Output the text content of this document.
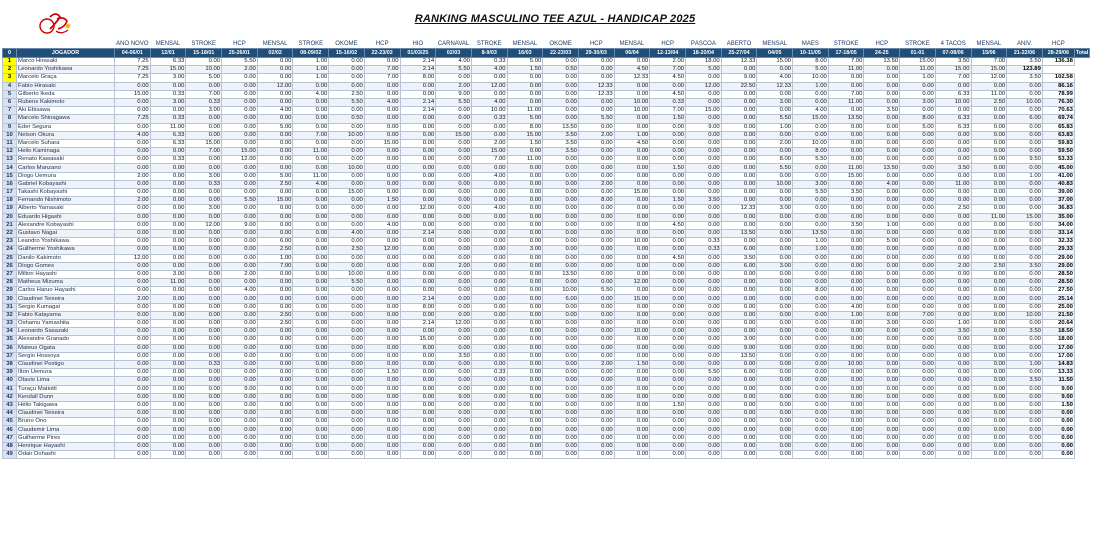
RANKING MASCULINO TEE AZUL - HANDICAP 2025
		ANO NOVO	MENSAL	STROKE	HCP	MENSAL	STROKE	OKOME	HCP	HIO	CARNAVAL	STROKE	MENSAL	OKOME	HCP	MENSAL	HCP	PÁSCOA	ABERTO	MENSAL	MÃES	STROKE	HCP	STROKE	4 TACOS	MENSAL	ANIV.	HCP	
0	JOGADOR	04-06/01	12/01	15-18/01	25-26/01	02/02	08-09/02	15-16/02	22-23/02	01/03/25	02/03	8-9/03	16/03	22-23/03	29-30/03	06/04	12-13/04	18-20/04	25-27/04	04/05	10-11/05	17-18/05	24-25	01-01	07-08/06	15/06	21-22/06	28-29/06	Total
1	Marco Hirasaki	7.25	6.33	0.00	5.50	0.00	1.00	0.00	0.00	2.14	4.00	0.33	5.00	0.00	0.00	0.00	2.00	18.00	12.33	15.00	8.00	7.00	13.50	15.00	3.50	7.00	3.50	136.38	
2	Leonardo Yoshikawa	7.25	15.00	10.00	2.00	0.00	1.00	0.00	7.00	2.14	5.50	4.00	1.50	0.50	0.00	4.50	7.00	5.00	0.00	0.00	5.00	11.00	0.00	11.00	15.00	15.00	123.89		
3	Marcelo Graça	7.25	3.00	5.00	0.00	0.00	1.00	0.00	7.00	8.00	0.00	0.00	0.00	0.00	0.00	12.33	4.50	0.00	9.00	4.00	10.00	0.00	0.00	1.00	7.00	12.00	3.50	102.58	
4	Fabio Hirasaki	0.00	0.00	0.00	0.00	12.00	0.00	0.00	0.00	0.00	2.00	12.00	0.00	0.00	12.33	0.00	0.00	12.00	22.50	12.33	1.00	0.00	0.00	0.00	0.00	0.00	0.00	86.16	
5	Gilberto Ikeda	15.00	0.33	7.00	0.00	0.00	4.00	2.50	0.00	0.00	9.00	0.00	0.00	0.00	12.33	0.00	4.50	0.00	0.00	0.00	0.00	7.00	0.00	0.00	6.33	11.00	0.00	78.99	
6	Rubens Kakimoto	0.00	3.00	0.33	0.00	0.00	0.00	5.50	4.00	2.14	5.50	4.00	0.00	0.00	0.00	10.00	0.33	0.00	0.00	3.00	0.00	11.00	0.00	3.00	10.00	2.50	10.00	76.30	
7	Aki Ebisawa	0.00	0.00	3.00	0.00	4.00	0.00	0.00	0.00	2.14	0.00	10.00	11.00	0.00	0.00	10.00	7.00	15.00	0.00	0.00	4.00	0.00	3.50	0.00	0.00	0.00	0.00	70.63	
8	Marcelo Shinagawa	7.25	0.33	0.00	0.00	0.00	0.00	0.50	0.00	0.00	0.00	0.33	5.00	0.00	5.50	0.00	1.50	0.00	0.00	5.50	15.00	13.50	0.00	8.00	6.33	0.00	6.00	69.74	
9	Eder Segura	0.00	11.00	0.00	0.00	5.00	0.00	0.00	0.00	0.00	0.00	0.00	8.00	13.50	0.00	0.00	0.00	9.00	0.00	1.00	0.00	0.00	0.00	5.00	6.33	0.00	0.00	65.83	
10	Nelson Okura	4.00	6.33	0.00	0.00	0.00	7.00	10.00	0.00	0.00	15.00	0.00	15.00	3.50	2.00	1.00	0.00	0.00	0.00	0.00	0.00	0.00	0.00	0.00	0.00	0.00	0.00	63.83	
11	Marcelo Suhara	0.00	6.33	15.00	0.00	0.00	0.00	0.00	15.00	0.00	0.00	2.00	1.50	3.50	0.00	4.50	0.00	0.00	0.00	2.00	10.00	0.00	0.00	0.00	0.00	0.00	0.00	59.83	
12	Helio Kaminaga	0.00	0.00	7.00	15.00	0.00	11.00	0.00	0.00	0.00	0.00	15.00	0.00	3.50	0.00	0.00	0.00	0.00	0.00	0.00	8.00	0.00	0.00	0.00	0.00	0.00	0.00	59.50	
13	Renato Kawasaki	0.00	0.33	0.00	12.00	0.00	0.00	0.00	0.00	0.00	0.00	7.00	11.00	0.00	0.00	0.00	0.00	0.00	0.00	8.00	5.50	0.00	0.00	0.00	0.00	0.00	9.50	53.33	
14	Carlos Manzano	0.00	0.00	0.00	0.00	0.00	0.00	10.00	0.00	0.00	0.00	0.00	0.00	0.00	0.00	0.00	1.50	0.00	0.00	5.50	0.00	11.00	13.50	0.00	3.50	0.00	0.00	45.00	
15	Diogo Uemura	2.00	0.00	3.00	0.00	5.00	11.00	0.00	0.00	0.00	0.00	4.00	0.00	0.00	0.00	0.00	0.00	0.00	0.00	0.00	0.00	15.00	0.00	0.00	0.00	0.00	1.00	41.00	
16	Gabriel Kobayashi	0.00	0.00	0.33	0.00	2.50	4.00	0.00	0.00	0.00	0.00	0.00	0.00	0.00	2.00	0.00	0.00	0.00	0.00	10.00	3.00	0.00	4.00	0.00	11.00	0.00	0.00	40.83	
17	Takashi Kobayashi	0.00	0.00	0.00	0.00	0.00	0.00	15.00	0.00	0.00	0.00	0.00	0.00	0.00	0.00	15.00	0.00	0.00	0.00	0.00	5.50	3.50	0.00	0.00	0.00	0.00	0.00	39.00	
18	Fernando Nishimoto	2.00	0.00	0.00	5.50	15.00	0.00	0.00	1.50	0.00	0.00	0.00	0.00	0.00	8.00	0.00	1.50	3.50	0.00	0.00	0.00	0.00	0.00	0.00	0.00	0.00	0.00	37.00	
19	Alberto Yamasaki	0.00	0.00	3.00	0.00	0.00	0.00	0.00	0.00	12.00	0.00	4.00	0.00	0.00	0.00	0.00	0.00	0.00	12.33	3.00	0.00	0.00	0.00	0.00	2.50	0.00	0.00	36.83	
20	Eduardo Higashi	0.00	0.00	0.00	0.00	0.00	0.00	0.00	0.00	0.00	0.00	0.00	0.00	0.00	0.00	0.00	0.00	0.00	0.00	0.00	0.00	0.00	0.00	0.00	0.00	11.00	15.00	35.00	
21	Alexandre Kobayashi	0.00	0.00	12.00	9.00	0.00	0.00	0.00	4.00	0.00	0.00	0.00	0.00	0.00	0.00	0.00	4.50	0.00	0.00	0.00	0.00	3.50	1.00	0.00	0.00	0.00	0.00	34.00	
22	Gustavo Nagai	0.00	0.00	0.00	0.00	0.00	0.00	4.00	0.00	2.14	0.00	0.00	0.00	0.00	0.00	0.00	0.00	0.00	13.50	0.00	13.50	0.00	0.00	0.00	0.00	0.00	0.00	33.14	
23	Leandro Yoshikawa	0.00	0.00	0.00	0.00	6.00	0.00	0.00	0.00	0.00	0.00	0.00	0.00	0.00	0.00	10.00	0.00	0.33	0.00	0.00	1.00	0.00	5.00	0.00	0.00	0.00	0.00	32.33	
24	Guilherme Yoshikawa	0.00	0.00	0.00	0.00	2.50	0.00	2.50	12.00	0.00	0.00	0.00	3.00	0.00	0.00	0.00	0.00	0.33	6.00	0.00	1.00	0.00	0.00	0.00	0.00	0.00	0.00	29.33	
25	Danilo Kakimoto	12.00	0.00	0.00	0.00	1.00	0.00	0.00	0.00	0.00	0.00	0.00	0.00	0.00	0.00	0.00	4.50	0.00	3.50	0.00	0.00	0.00	0.00	0.00	0.00	0.00	0.00	29.00	
26	Diogo Gomes	0.00	0.00	0.00	0.00	7.00	0.00	0.00	0.00	0.00	2.00	0.00	0.00	0.00	0.00	0.00	0.00	0.00	6.00	3.00	0.00	0.00	0.00	0.00	2.00	2.50	3.50	29.00	
27	Milton Hayashi	0.00	3.00	0.00	2.00	0.00	0.00	10.00	0.00	0.00	0.00	0.00	0.00	13.50	0.00	0.00	0.00	0.00	0.00	0.00	0.00	0.00	0.00	0.00	0.00	0.00	0.00	28.50	
28	Matheus Mizuma	0.00	11.00	0.00	0.00	0.00	0.00	5.50	0.00	0.00	0.00	0.00	0.00	0.00	0.00	12.00	0.00	0.00	0.00	0.00	0.00	0.00	0.00	0.00	0.00	0.00	0.00	28.50	
29	Carlos Haruo Hayashi	0.00	0.00	0.00	4.00	0.00	0.00	0.00	0.00	0.00	0.00	0.00	0.00	10.00	5.50	0.00	0.00	0.00	0.00	0.00	8.00	0.00	0.00	0.00	0.00	0.00	0.00	27.50	
30	Claudinei Teixeira	2.00	0.00	0.00	0.00	0.00	0.00	0.00	0.00	2.14	0.00	0.00	0.00	6.00	0.00	15.00	0.00	0.00	0.00	0.00	0.00	0.00	0.00	0.00	0.00	0.00	0.00	25.14	
31	Sergio Kumagai	0.00	0.00	0.00	0.00	0.00	0.00	0.00	0.00	8.00	0.00	0.00	0.00	0.00	0.00	0.00	0.00	0.00	0.00	0.00	0.00	4.00	0.00	0.00	0.00	0.00	0.00	25.00	
32	Fabio Katayama	0.00	0.00	0.00	0.00	2.50	0.00	0.00	0.00	0.00	0.00	0.00	0.00	0.00	0.00	0.00	0.00	0.00	0.00	0.00	0.00	1.00	0.00	7.00	0.00	0.00	10.00	21.50	
33	Oshamu Yamashita	0.00	0.00	0.00	0.00	2.50	0.00	0.00	0.00	2.14	12.00	0.00	0.00	0.00	0.00	0.00	0.00	0.00	0.00	0.00	0.00	0.00	3.00	0.00	1.00	0.00	0.00	20.64	
34	Leonardo Sasazaki	0.00	0.00	0.00	0.00	0.00	0.00	0.00	0.00	0.00	0.00	0.00	0.00	0.00	0.00	10.00	0.00	0.00	0.00	0.00	0.00	0.00	0.00	0.00	3.50	0.00	3.50	18.50	
35	Alexandre Granado	0.00	0.00	0.00	0.00	0.00	0.00	0.00	0.00	15.00	0.00	0.00	0.00	0.00	0.00	0.00	0.00	0.00	3.00	0.00	0.00	0.00	0.00	0.00	0.00	0.00	0.00	18.00	
36	Mateus Ogata	0.00	0.00	0.00	0.00	0.00	0.00	0.00	0.00	8.00	0.00	0.00	0.00	0.00	0.00	0.00	0.00	0.00	9.00	0.00	0.00	0.00	0.00	0.00	0.00	0.00	0.00	17.00	
37	Sergio Hossoya	0.00	0.00	0.00	0.00	0.00	0.00	0.00	0.00	0.00	3.50	0.00	0.00	0.00	0.00	0.00	0.00	0.00	13.50	0.00	0.00	0.00	0.00	0.00	0.00	0.00	0.00	17.00	
38	Claudinei Postigo	0.00	0.00	0.33	0.00	0.00	0.00	0.00	0.00	0.00	0.00	0.00	0.00	0.00	2.00	1.50	0.00	0.00	0.00	0.00	0.00	10.00	0.00	0.00	0.00	0.00	1.00	14.83	
39	Ilton Uemura	0.00	0.00	0.00	0.00	0.00	0.00	0.00	1.50	0.00	0.00	0.33	0.00	0.00	0.00	0.00	0.00	5.50	6.00	0.00	0.00	0.00	0.00	0.00	0.00	0.00	0.00	13.33	
40	Otavio Lima	0.00	0.00	0.00	0.00	0.00	0.00	0.00	0.00	0.00	0.00	0.00	0.00	0.00	0.00	0.00	0.00	0.00	0.00	0.00	0.00	0.00	0.00	0.00	0.00	0.00	3.50	11.50	
41	Turaçu Matiotti	0.00	0.00	0.00	9.00	0.00	0.00	0.00	0.00	0.00	0.00	0.00	0.00	0.00	0.00	0.00	0.00	0.00	0.00	0.00	0.00	0.00	0.00	0.00	0.00	0.00	0.00	9.00	
42	Kendall Dunn	0.00	0.00	0.00	0.00	0.00	0.00	0.00	0.00	0.00	9.00	0.00	0.00	0.00	0.00	0.00	0.00	0.00	0.00	0.00	0.00	0.00	0.00	0.00	0.00	0.00	0.00	9.00	
43	Hélio Takigawa	0.00	0.00	0.00	0.00	0.00	0.00	0.00	0.00	0.00	0.00	0.00	0.00	0.00	0.00	0.00	1.50	0.00	0.00	0.00	0.00	0.00	0.00	0.00	0.00	0.00	0.00	1.50	
44	Claudinei Teixeira	0.00	0.00	0.00	0.00	0.00	0.00	0.00	0.00	0.00	0.00	0.00	0.00	0.00	0.00	0.00	0.00	0.00	0.00	0.00	0.00	0.00	0.00	0.00	0.00	0.00	0.00	0.00	
45	Bruno Ono	0.00	0.00	0.00	0.00	0.00	0.00	0.00	0.00	0.00	0.00	0.00	0.00	0.00	0.00	0.00	0.00	0.00	0.00	0.00	0.00	0.00	0.00	0.00	0.00	0.00	0.00	0.00	
46	Claudemir Lima	0.00	0.00	0.00	0.00	0.00	0.00	0.00	0.00	0.00	0.00	0.00	0.00	0.00	0.00	0.00	0.00	0.00	0.00	0.00	0.00	0.00	0.00	0.00	0.00	0.00	0.00	0.00	
47	Guilherme Pires	0.00	0.00	0.00	0.00	0.00	0.00	0.00	0.00	0.00	0.00	0.00	0.00	0.00	0.00	0.00	0.00	0.00	0.00	0.00	0.00	0.00	0.00	0.00	0.00	0.00	0.00	0.00	
48	Henrique Hayashi	0.00	0.00	0.00	0.00	0.00	0.00	0.00	0.00	0.00	0.00	0.00	0.00	0.00	0.00	0.00	0.00	0.00	0.00	0.00	0.00	0.00	0.00	0.00	0.00	0.00	0.00	0.00	
49	Odair Dohashi	0.00	0.00	0.00	0.00	0.00	0.00	0.00	0.00	0.00	0.00	0.00	0.00	0.00	0.00	0.00	0.00	0.00	0.00	0.00	0.00	0.00	0.00	0.00	0.00	0.00	0.00	0.00	
